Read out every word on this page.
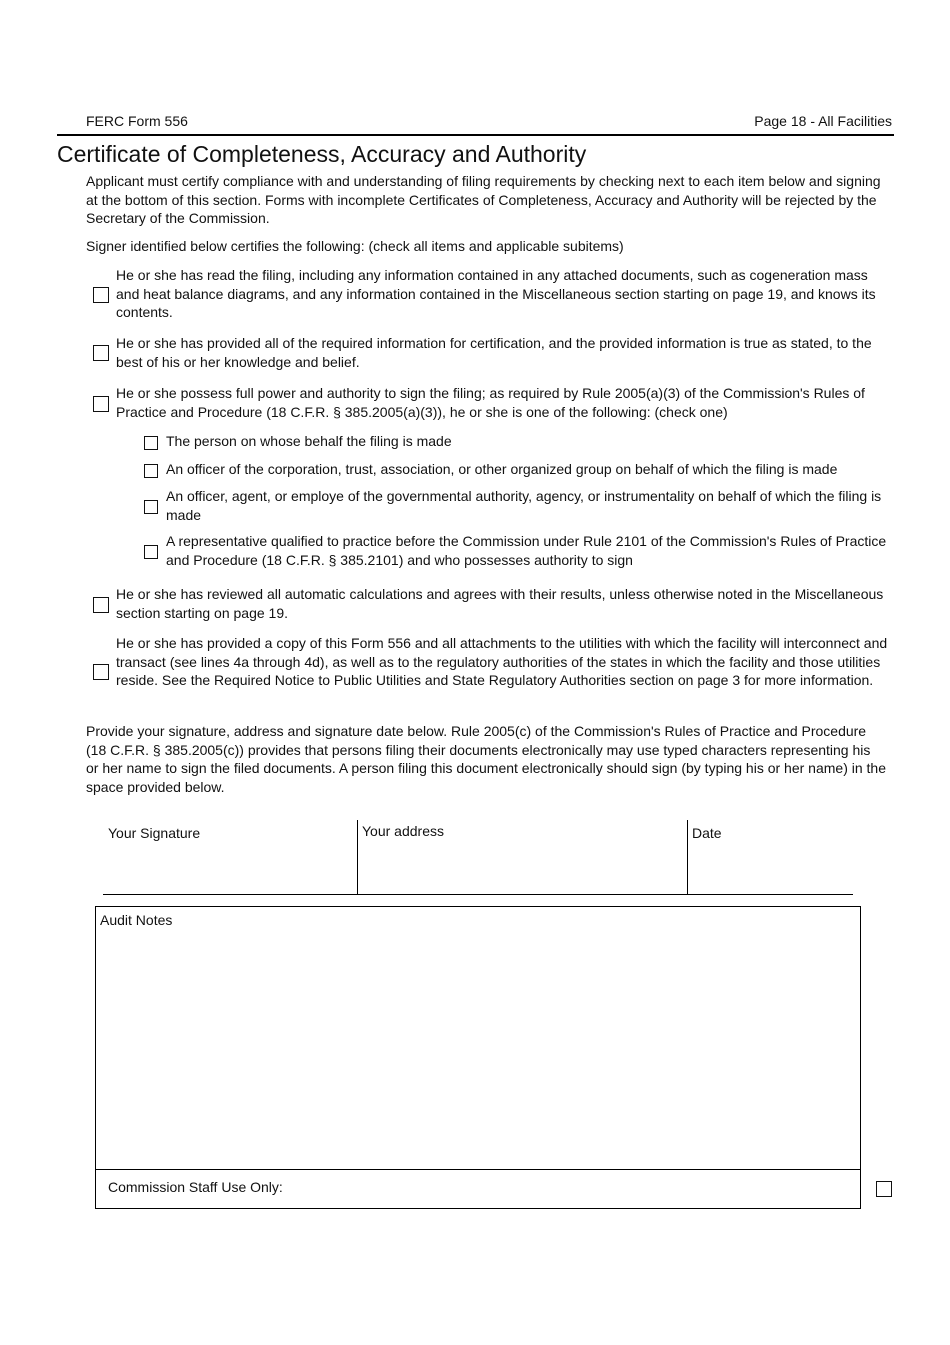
FERC Form 556	Page 18 - All Facilities
Certificate of Completeness, Accuracy and Authority
Applicant must certify compliance with and understanding of filing requirements by checking next to each item below and signing at the bottom of this section. Forms with incomplete Certificates of Completeness, Accuracy and Authority will be rejected by the Secretary of the Commission.
Signer identified below certifies the following: (check all items and applicable subitems)
He or she has read the filing, including any information contained in any attached documents, such as cogeneration mass and heat balance diagrams, and any information contained in the Miscellaneous section starting on page 19, and knows its contents.
He or she has provided all of the required information for certification, and the provided information is true as stated, to the best of his or her knowledge and belief.
He or she possess full power and authority to sign the filing; as required by Rule 2005(a)(3) of the Commission's Rules of Practice and Procedure (18 C.F.R. § 385.2005(a)(3)), he or she is one of the following: (check one)
The person on whose behalf the filing is made
An officer of the corporation, trust, association, or other organized group on behalf of which the filing is made
An officer, agent, or employe of the governmental authority, agency, or instrumentality on behalf of which the filing is made
A representative qualified to practice before the Commission under Rule 2101 of the Commission's Rules of Practice and Procedure (18 C.F.R. § 385.2101) and who possesses authority to sign
He or she has reviewed all automatic calculations and agrees with their results, unless otherwise noted in the Miscellaneous section starting on page 19.
He or she has provided a copy of this Form 556 and all attachments to the utilities with which the facility will interconnect and transact (see lines 4a through 4d), as well as to the regulatory authorities of the states in which the facility and those utilities reside. See the Required Notice to Public Utilities and State Regulatory Authorities section on page 3 for more information.
Provide your signature, address and signature date below. Rule 2005(c) of the Commission's Rules of Practice and Procedure (18 C.F.R. § 385.2005(c)) provides that persons filing their documents electronically may use typed characters representing his or her name to sign the filed documents. A person filing this document electronically should sign (by typing his or her name) in the space provided below.
Your Signature	Your address	Date
Audit Notes
Commission Staff Use Only:
